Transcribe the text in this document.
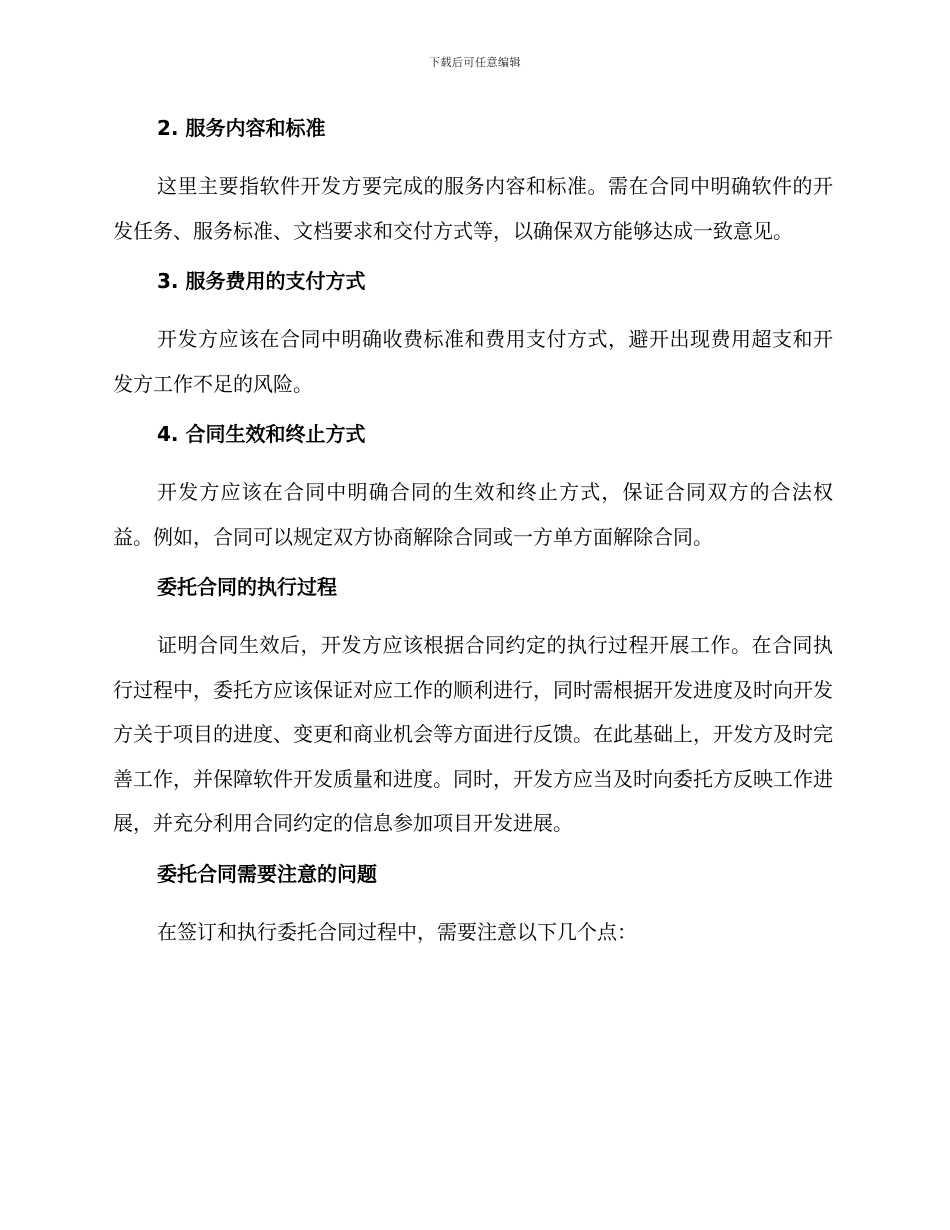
下载后可任意编辑
2. 服务内容和标准

这里主要指软件开发方要完成的服务内容和标准。需在合同中明确软件的开发任务、服务标准、文档要求和交付方式等，以确保双方能够达成一致意见。

3. 服务费用的支付方式

开发方应该在合同中明确收费标准和费用支付方式，避开出现费用超支和开发方工作不足的风险。

4. 合同生效和终止方式

开发方应该在合同中明确合同的生效和终止方式，保证合同双方的合法权益。例如，合同可以规定双方协商解除合同或一方单方面解除合同。

委托合同的执行过程

证明合同生效后，开发方应该根据合同约定的执行过程开展工作。在合同执行过程中，委托方应该保证对应工作的顺利进行，同时需根据开发进度及时向开发方关于项目的进度、变更和商业机会等方面进行反馈。在此基础上，开发方及时完善工作，并保障软件开发质量和进度。同时，开发方应当及时向委托方反映工作进展，并充分利用合同约定的信息参加项目开发进展。

委托合同需要注意的问题

在签订和执行委托合同过程中，需要注意以下几个点：
